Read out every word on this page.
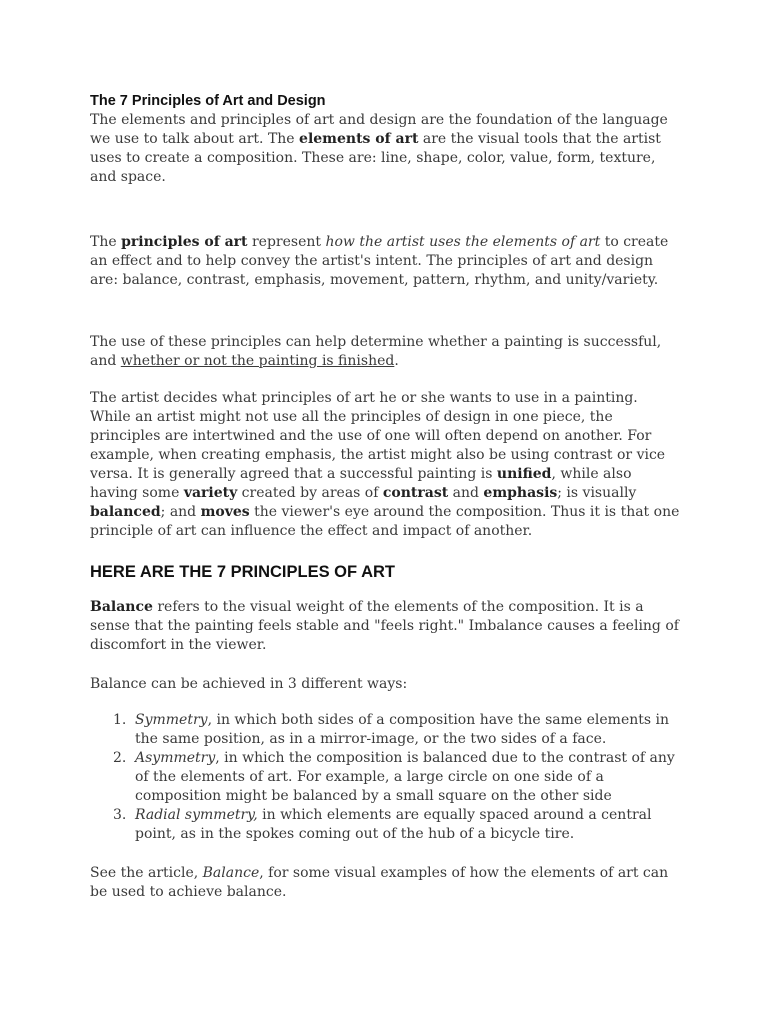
The 7 Principles of Art and Design

The elements and principles of art and design are the foundation of the language we use to talk about art. The elements of art are the visual tools that the artist uses to create a composition. These are: line, shape, color, value, form, texture, and space.

The principles of art represent how the artist uses the elements of art to create an effect and to help convey the artist's intent. The principles of art and design are: balance, contrast, emphasis, movement, pattern, rhythm, and unity/variety.

The use of these principles can help determine whether a painting is successful, and whether or not the painting is finished.

The artist decides what principles of art he or she wants to use in a painting. While an artist might not use all the principles of design in one piece, the principles are intertwined and the use of one will often depend on another. For example, when creating emphasis, the artist might also be using contrast or vice versa. It is generally agreed that a successful painting is unified, while also having some variety created by areas of contrast and emphasis; is visually balanced; and moves the viewer's eye around the composition. Thus it is that one principle of art can influence the effect and impact of another.

HERE ARE THE 7 PRINCIPLES OF ART

Balance refers to the visual weight of the elements of the composition. It is a sense that the painting feels stable and "feels right." Imbalance causes a feeling of discomfort in the viewer.

Balance can be achieved in 3 different ways:

1. Symmetry, in which both sides of a composition have the same elements in the same position, as in a mirror-image, or the two sides of a face.
2. Asymmetry, in which the composition is balanced due to the contrast of any of the elements of art. For example, a large circle on one side of a composition might be balanced by a small square on the other side
3. Radial symmetry, in which elements are equally spaced around a central point, as in the spokes coming out of the hub of a bicycle tire.

See the article, Balance, for some visual examples of how the elements of art can be used to achieve balance.
